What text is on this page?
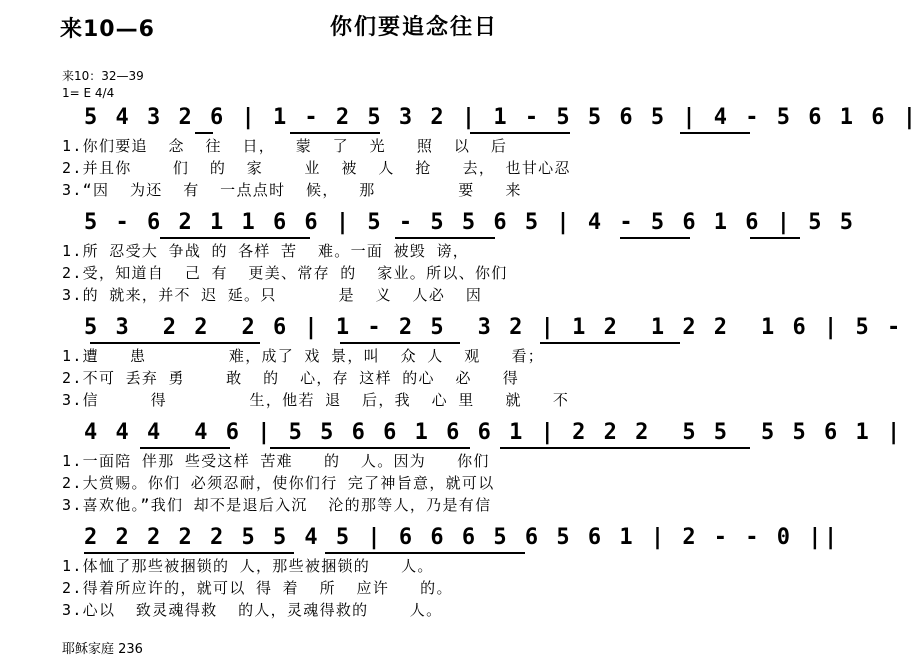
来10—6	你们要追念往日
来10：32—39
1= E 4/4
5 4 3 2 6 | 1 - 2 5 3 2 | 1 - 5 5 6 5 | 4 - 5 6 1 6 |
1.你们要追  念  往  日，  蒙  了  光   照  以  后
2.并且你    们  的  家    业  被  人  抢   去， 也甘心忍
3.“因  为还  有  一点点时  候，  那        要   来
5 - 6 2 1 1 6 6 | 5 - 5 5 6 5 | 4 - 5 6 1 6 | 5 5
1.所 忍受大 争战 的 各样 苦  难。一面 被毁 谤，
2.受，知道自  己 有  更美、常存 的  家业。所以、你们
3.的 就来，并不 迟 延。只      是  义  人必  因
5 3  2 2  2 6 | 1 - 2 5  3 2 | 1 2  1 2 2  1 6 | 5 -
1.遭   患        难，成了 戏 景，叫  众 人  观   看；
2.不可 丢弃 勇    敢  的  心，存 这样 的心  必   得
3.信     得        生，他若 退  后，我  心 里   就   不
4 4 4  4 6 | 5 5 6 6 1 6 6 1 | 2 2 2  5 5  5 5 6 1 |
1.一面陪 伴那 些受这样 苦难   的  人。因为   你们
2.大赏赐。你们 必须忍耐，使你们行 完了神旨意，就可以
3.喜欢他。”我们 却不是退后入沉  沦的那等人，乃是有信
2 2 2 2 2 5 5 4 5 | 6 6 6 5 6 5 6 1 | 2 - - 0 ||
1.体恤了那些被捆锁的 人，那些被捆锁的   人。
2.得着所应许的，就可以 得 着  所  应许   的。
3.心以  致灵魂得救  的人，灵魂得救的    人。
耶稣家庭 236
